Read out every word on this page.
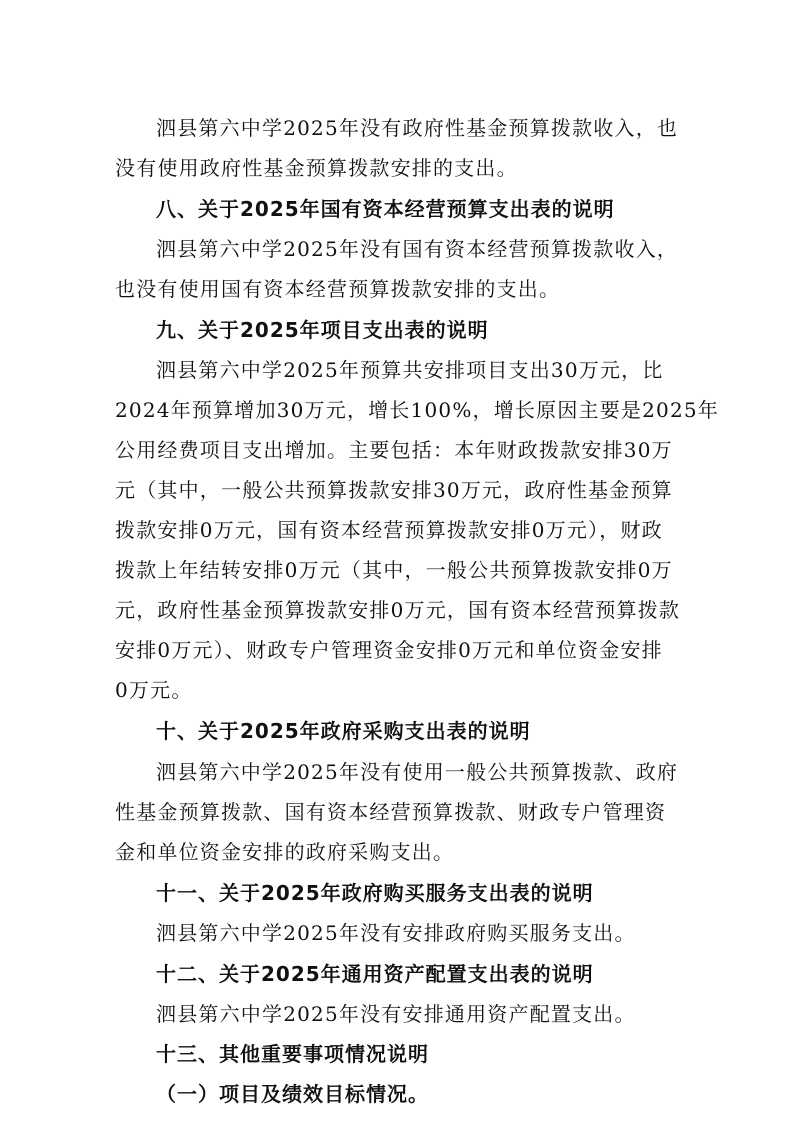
泗县第六中学2025年没有政府性基金预算拨款收入，也
没有使用政府性基金预算拨款安排的支出。
八、关于2025年国有资本经营预算支出表的说明
泗县第六中学2025年没有国有资本经营预算拨款收入，
也没有使用国有资本经营预算拨款安排的支出。
九、关于2025年项目支出表的说明
泗县第六中学2025年预算共安排项目支出30万元，比
2024年预算增加30万元，增长100%，增长原因主要是2025年
公用经费项目支出增加。主要包括：本年财政拨款安排30万
元（其中，一般公共预算拨款安排30万元，政府性基金预算
拨款安排0万元，国有资本经营预算拨款安排0万元），财政
拨款上年结转安排0万元（其中，一般公共预算拨款安排0万
元，政府性基金预算拨款安排0万元，国有资本经营预算拨款
安排0万元）、财政专户管理资金安排0万元和单位资金安排
0万元。
十、关于2025年政府采购支出表的说明
泗县第六中学2025年没有使用一般公共预算拨款、政府
性基金预算拨款、国有资本经营预算拨款、财政专户管理资
金和单位资金安排的政府采购支出。
十一、关于2025年政府购买服务支出表的说明
泗县第六中学2025年没有安排政府购买服务支出。
十二、关于2025年通用资产配置支出表的说明
泗县第六中学2025年没有安排通用资产配置支出。
十三、其他重要事项情况说明
（一）项目及绩效目标情况。
